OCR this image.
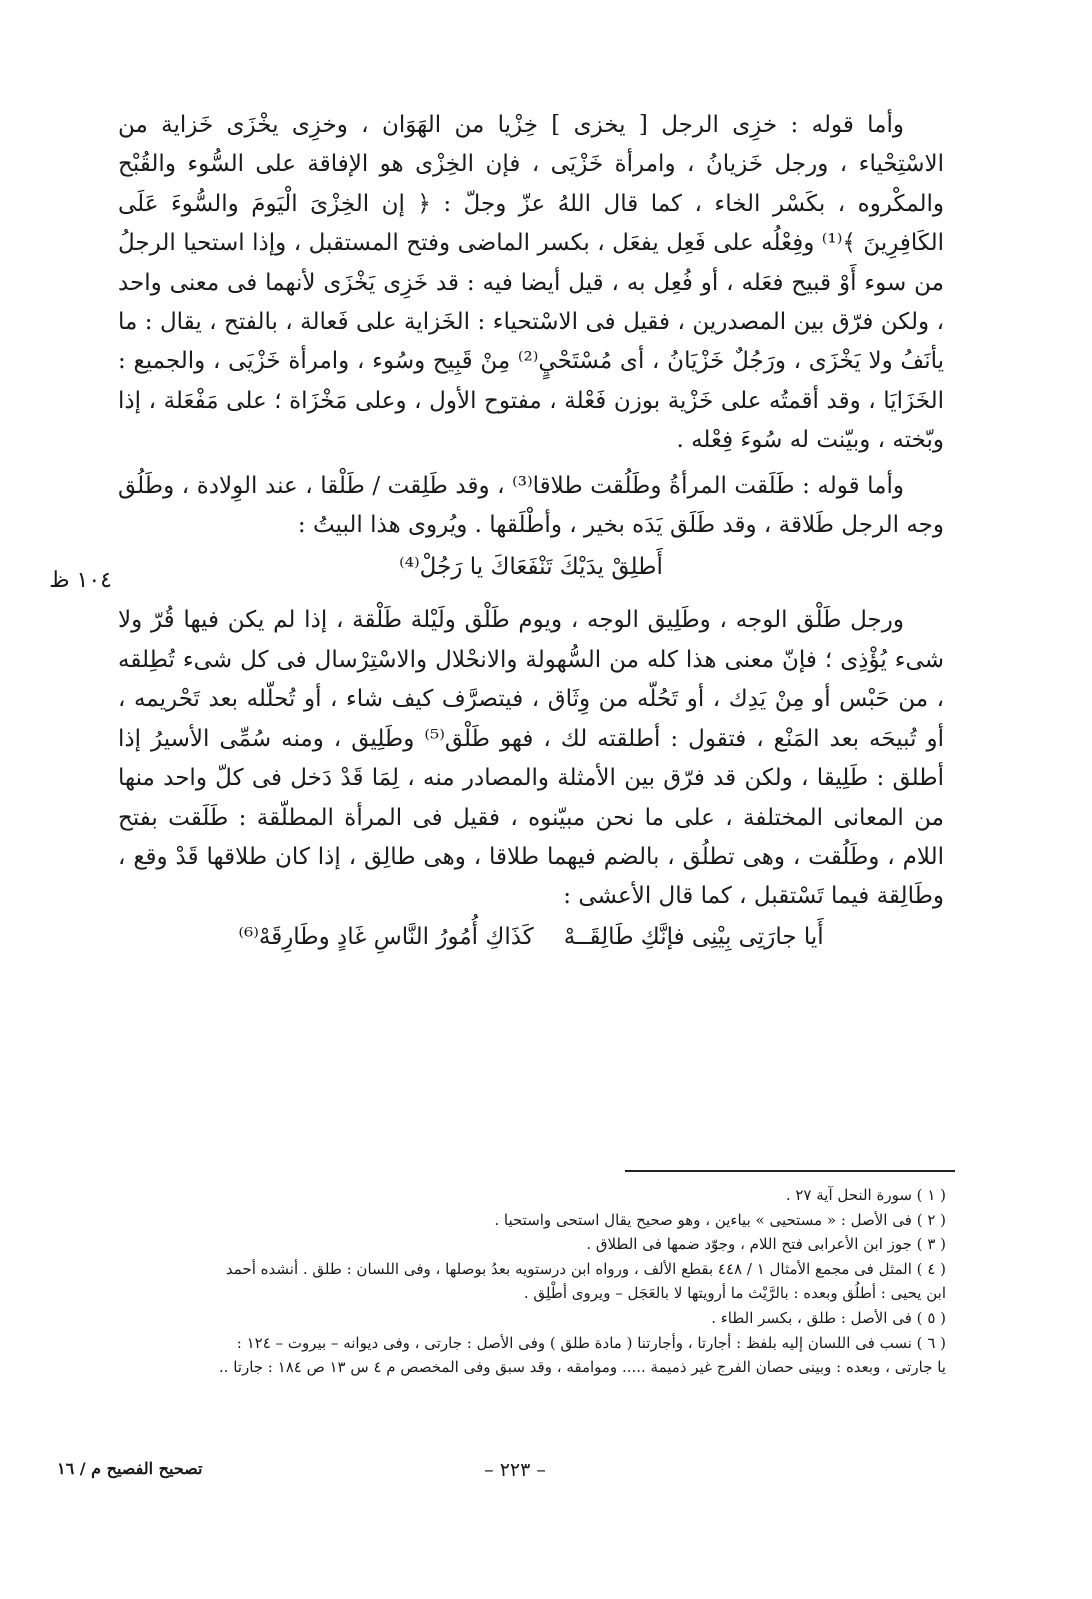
وأما قوله : خزِى الرجل [ يخزى ] خِزْيا من الهَوَان ، وخزِى يخْزَى خَزاية من الاسْتِحْياء ، ورجل خَزيانُ ، وامرأة خَزْيَى ، فإن الخِزْى هو الإفاقة على السُّوء والقُبْح والمكْروه ، بكَسْر الخاء ، كما قال اللهُ عزّ وجلّ : ﴿ إن الخِزْىَ الْيَومَ والسُّوءَ عَلَى الكَافِرِينَ ﴾⁽¹⁾ وفِعْلُه على فَعِل يفعَل ، بكسر الماضى وفتح المستقبل ، وإذا استحيا الرجلُ من سوء أَوْ قبيح فعَله ، أو فُعِل به ، قيل أيضا فيه : قد خَزِى يَخْزَى لأنهما فى معنى واحد ، ولكن فرّق بين المصدرين ، فقيل فى الاسْتحياء : الخَزاية على فَعالة ، بالفتح ، يقال : ما يأنَفُ ولا يَخْزَى ، ورَجُلٌ خَزْيَانُ ، أى مُسْتَحْيٍ⁽²⁾ مِنْ قَبِيح وسُوء ، وامرأة خَزْيَى ، والجميع : الخَزَايَا ، وقد أقمتُه على خَزْية بوزن فَعْلة ، مفتوح الأول ، وعلى مَخْزَاة ؛ على مَفْعَلة ، إذا وبّخته ، وبيّنت له سُوءَ فِعْله .

وأما قوله : طَلَقت المرأةُ وطَلُقت طلاقا⁽³⁾ ، وقد طَلِقت / طَلْقا ، عند الوِلادة ، وطَلُق وجه الرجل طَلاقة ، وقد طَلَق يَدَه بخير ، وأطْلَقها . ويُروى هذا البيتُ :

أَطلِقْ يدَيْكَ تَنْفَعَاكَ يا رَجُلْ⁽⁴⁾

ورجل طَلْق الوجه ، وطَلِيق الوجه ، ويوم طَلْق ولَيْلة طَلْقة ، إذا لم يكن فيها قُرّ ولا شىء يُؤْذِى ؛ فإنّ معنى هذا كله من السُّهولة والانحْلال والاسْتِرْسال فى كل شىء تُطِلقه ، من حَبْس أو مِنْ يَدِك ، أو تَحُلّه من وِثَاق ، فيتصرَّف كيف شاء ، أو تُحلّله بعد تَحْريمه ، أو تُبيحَه بعد المَنْع ، فتقول : أطلقته لك ، فهو طَلْق⁽⁵⁾ وطَلِيق ، ومنه سُمِّى الأسيرُ إذا أطلق : طَلِيقا ، ولكن قد فرّق بين الأمثلة والمصادر منه ، لِمَا قَدْ دَخل فى كلّ واحد منها من المعانى المختلفة ، على ما نحن مبيّنوه ، فقيل فى المرأة المطلّقة : طَلَقت بفتح اللام ، وطَلُقت ، وهى تطلُق ، بالضم فيهما طلاقا ، وهى طالِق ، إذا كان طلاقها قَدْ وقع ، وطَالِقة فيما تَسْتقبل ، كما قال الأعشى :

أَيا جارَتِى بِيْنِى فإنَّكِ طَالِقَــهْ
كَذَاكِ أُمُورُ النَّاسِ غَادٍ وطَارِقَهْ⁽⁶⁾
١٠٤ ظ

( ١ ) سورة النحل آية ٢٧ .

( ٢ ) فى الأصل : « مستحيى » بياءين ، وهو صحيح يقال استحى واستحيا .

( ٣ ) جوز ابن الأعرابى فتح اللام ، وجوّد ضمها فى الطلاق .

( ٤ ) المثل فى مجمع الأمثال ١ / ٤٤٨ بقطع الألف ، ورواه ابن درستويه بعدُ بوصلها ، وفى اللسان : طلق . أنشده أحمد

ابن يحيى : أطلُق وبعده : بالرَّيْث ما أرويتها لا بالعَجَل – ويروى أطْلِق .

( ٥ ) فى الأصل : طلق ، بكسر الطاء .

( ٦ ) نسب فى اللسان إليه بلفظ : أجارتا ، وأجارتنا ( مادة طلق ) وفى الأصل : جارتى ، وفى ديوانه – بيروت – ١٢٤ :

يا جارتى ، وبعده : وبينى حصان الفرج غير ذميمة ..... وموامقه ، وقد سبق وفى المخصص م ٤ س ١٣ ص ١٨٤ : جارتا ..

تصحيح الفصيح م / ١٦	– ٢٢٣ –
